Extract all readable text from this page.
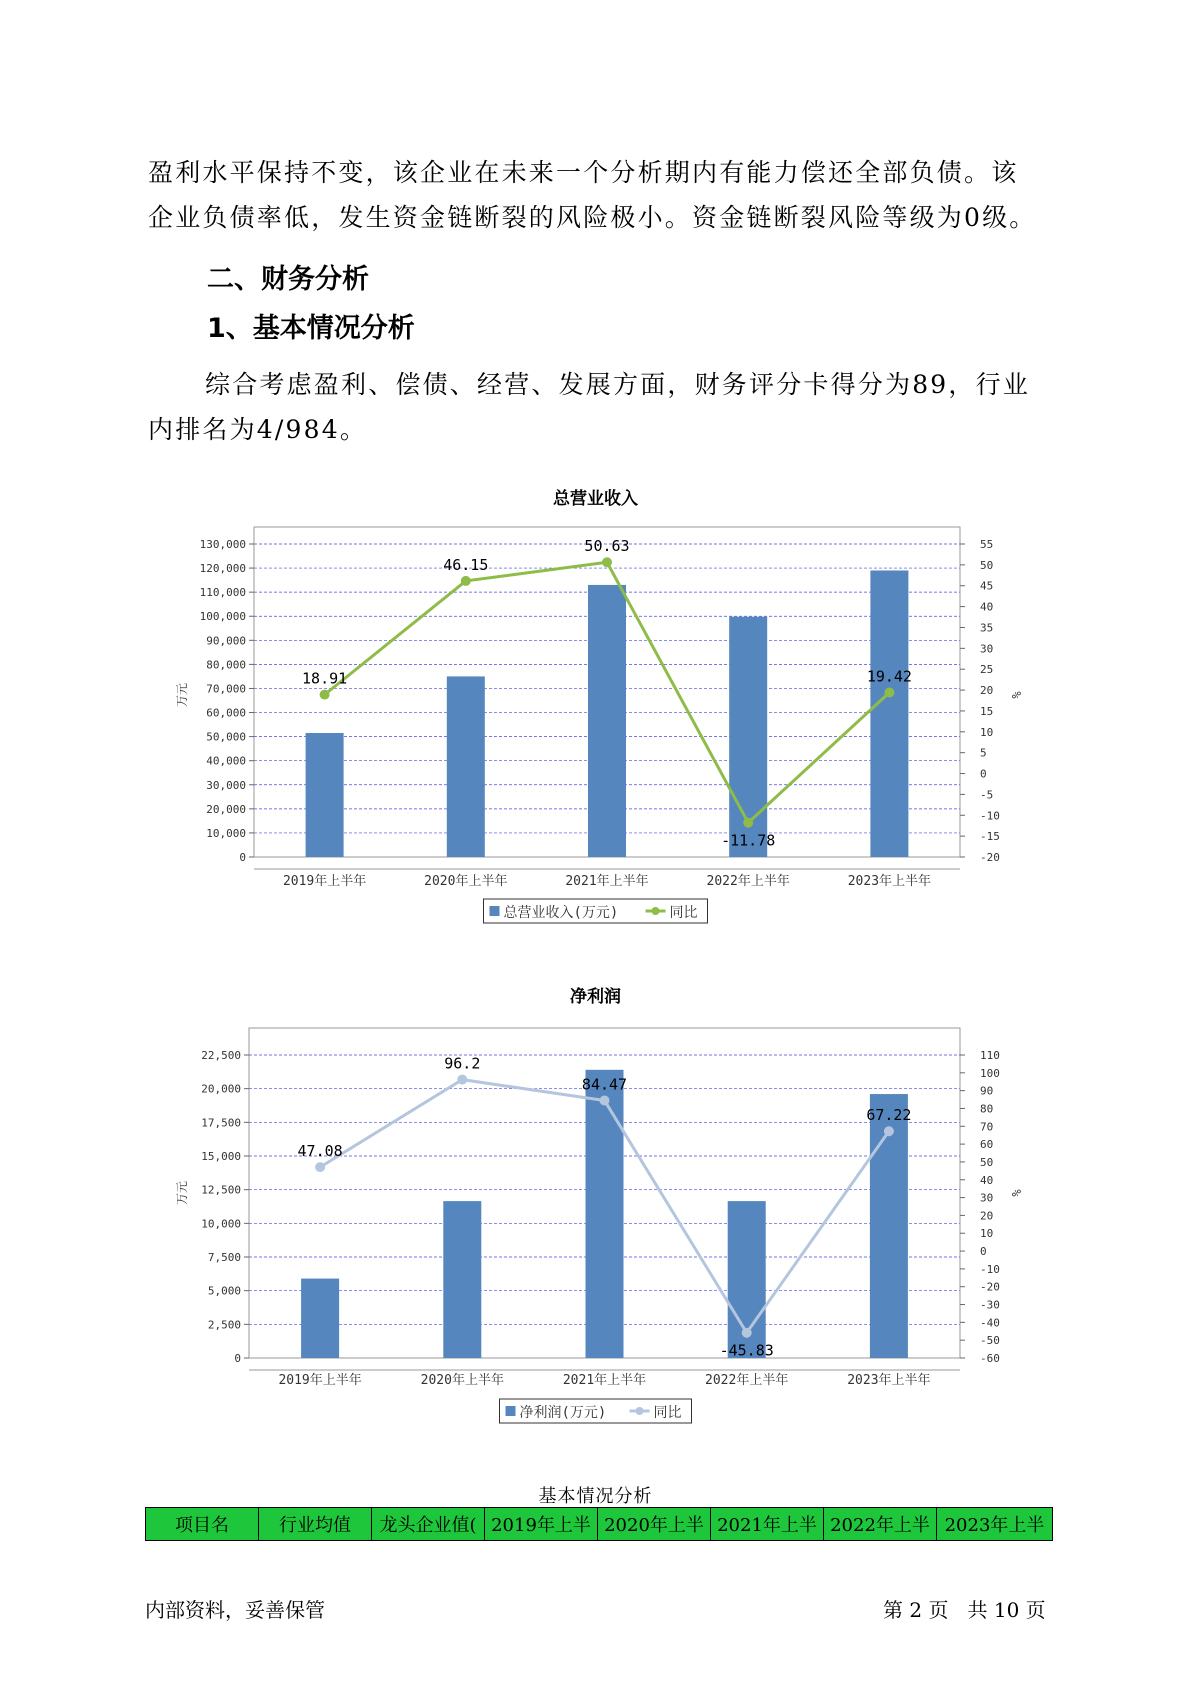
盈利水平保持不变，该企业在未来一个分析期内有能力偿还全部负债。该

企业负债率低，发生资金链断裂的风险极小。资金链断裂风险等级为0级。

二、财务分析
1、基本情况分析

综合考虑盈利、偿债、经营、发展方面，财务评分卡得分为89，行业

内排名为4/984。

总营业收入
0
10,000
20,000
30,000
40,000
50,000
60,000
70,000
80,000
90,000
100,000
110,000
120,000
130,000
-20
-15
-10
-5
0
5
10
15
20
25
30
35
40
45
50
55
万元	%
2019年上半年	2020年上半年	2021年上半年	2022年上半年	2023年上半年
18.91
46.15
50.63
-11.78
19.42
总营业收入(万元)	同比
净利润
0
2,500
5,000
7,500
10,000
12,500
15,000
17,500
20,000
22,500
-60
-50
-40
-30
-20
-10
0
10
20
30
40
50
60
70
80
90
100
110
万元	%
2019年上半年	2020年上半年	2021年上半年	2022年上半年	2023年上半年
47.08
96.2
84.47
-45.83
67.22
净利润(万元)	同比
基本情况分析
项目名	行业均值	龙头企业值(	2019年上半	2020年上半	2021年上半	2022年上半	2023年上半
内部资料，妥善保管	第 2 页   共 10 页
